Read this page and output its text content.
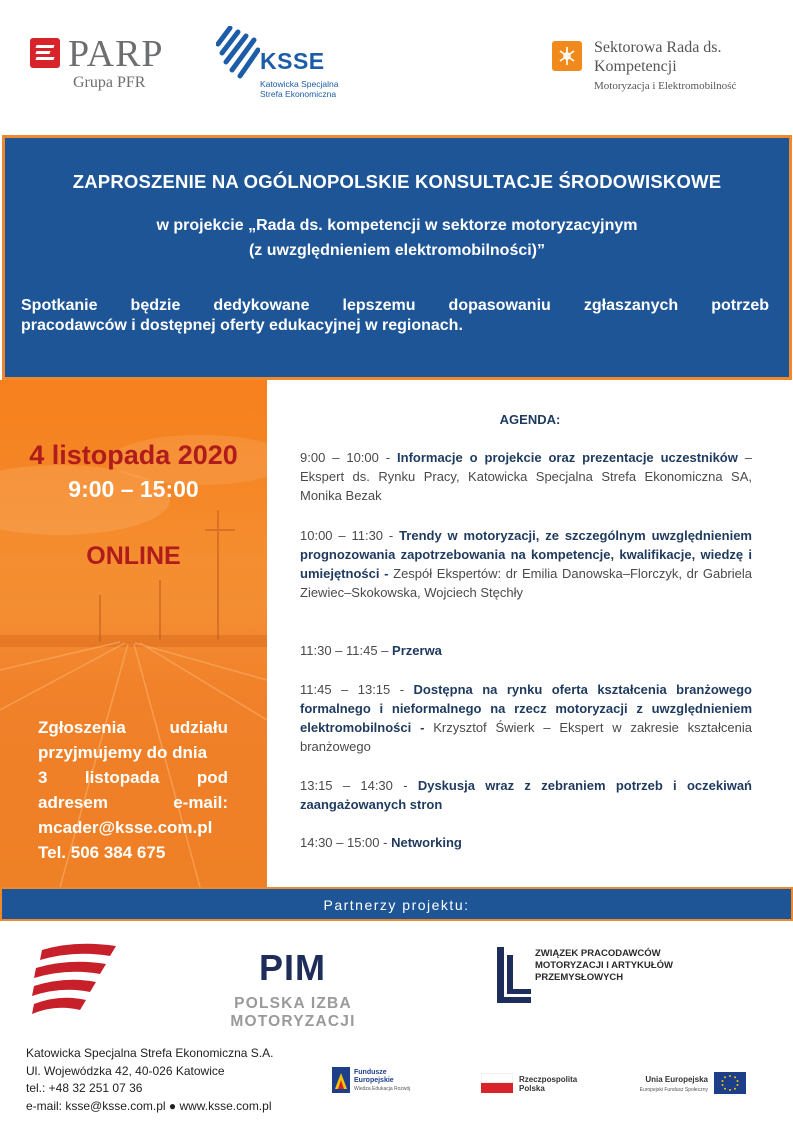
PARP
Grupa PFR
KSSE
Katowicka Specjalna Strefa Ekonomiczna
Sektorowa Rada ds. Kompetencji
Motoryzacja i Elektromobilność
ZAPROSZENIE NA OGÓLNOPOLSKIE KONSULTACJE ŚRODOWISKOWE
w projekcie „Rada ds. kompetencji w sektorze motoryzacyjnym
(z uwzględnieniem elektromobilności)”
Spotkanie będzie dedykowane lepszemu dopasowaniu zgłaszanych potrzeb
pracodawców i dostępnej oferty edukacyjnej w regionach.
4 listopada 2020
9:00 – 15:00
ONLINE
Zgłoszenia	udziału
przyjmujemy do dnia
3 listopada pod
adresem	e-mail:
mcader@ksse.com.pl
Tel. 506 384 675
AGENDA:
9:00 – 10:00 - Informacje o projekcie oraz prezentacje uczestników – Ekspert ds. Rynku Pracy, Katowicka Specjalna Strefa Ekonomiczna SA, Monika Bezak
10:00 – 11:30 - Trendy w motoryzacji, ze szczególnym uwzględnieniem prognozowania zapotrzebowania na kompetencje, kwalifikacje, wiedzę i umiejętności - Zespół Ekspertów: dr Emilia Danowska–Florczyk, dr Gabriela Ziewiec–Skokowska, Wojciech Stęchły
11:30 – 11:45 – Przerwa
11:45 – 13:15 - Dostępna na rynku oferta kształcenia branżowego formalnego i nieformalnego na rzecz motoryzacji z uwzględnieniem elektromobilności - Krzysztof Świerk – Ekspert w zakresie kształcenia branżowego
13:15 – 14:30 - Dyskusja wraz z zebraniem potrzeb i oczekiwań zaangażowanych stron
14:30 – 15:00 - Networking
Partnerzy projektu:
PIM
POLSKA IZBA MOTORYZACJI
ZWIĄZEK PRACODAWCÓW MOTORYZACJI I ARTYKUŁÓW PRZEMYSŁOWYCH
Katowicka Specjalna Strefa Ekonomiczna S.A.
Ul. Wojewódzka 42, 40-026 Katowice
tel.: +48 32 251 07 36
e-mail: ksse@ksse.com.pl ● www.ksse.com.pl
Fundusze Europejskie
Wiedza Edukacja Rozwój
Rzeczpospolita Polska
Unia Europejska
Europejski Fundusz Społeczny
